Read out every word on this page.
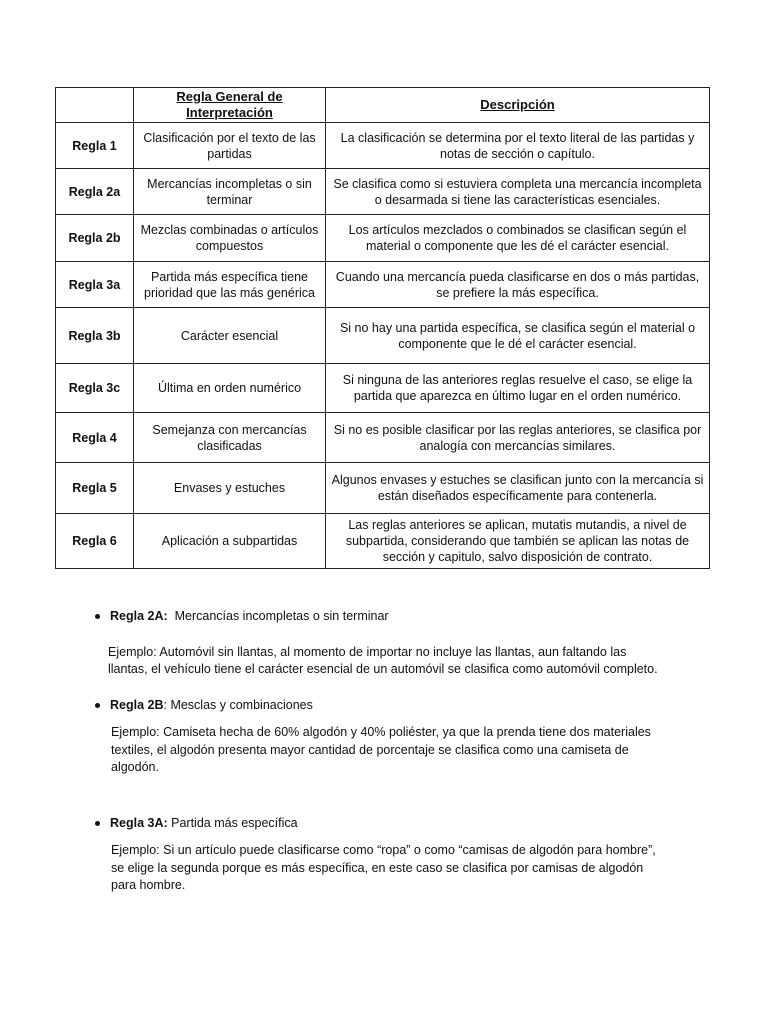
	Regla General de Interpretación	Descripción
Regla 1	Clasificación por el texto de las partidas	La clasificación se determina por el texto literal de las partidas y notas de sección o capítulo.
Regla 2a	Mercancías incompletas o sin terminar	Se clasifica como si estuviera completa una mercancía incompleta o desarmada si tiene las características esenciales.
Regla 2b	Mezclas combinadas o artículos compuestos	Los artículos mezclados o combinados se clasifican según el material o componente que les dé el carácter esencial.
Regla 3a	Partida más específica tiene prioridad que las más genérica	Cuando una mercancía pueda clasificarse en dos o más partidas, se prefiere la más específica.
Regla 3b	Carácter esencial	Si no hay una partida específica, se clasifica según el material o componente que le dé el carácter esencial.
Regla 3c	Última en orden numérico	Si ninguna de las anteriores reglas resuelve el caso, se elige la partida que aparezca en último lugar en el orden numérico.
Regla 4	Semejanza con mercancías clasificadas	Si no es posible clasificar por las reglas anteriores, se clasifica por analogía con mercancías similares.
Regla 5	Envases y estuches	Algunos envases y estuches se clasifican junto con la mercancía si están diseñados específicamente para contenerla.
Regla 6	Aplicación a subpartidas	Las reglas anteriores se aplican, mutatis mutandis, a nivel de subpartida, considerando que también se aplican las notas de sección y capitulo, salvo disposición de contrato.
Regla 2A:  Mercancías incompletas o sin terminar
Ejemplo: Automóvil sin llantas, al momento de importar no incluye las llantas, aun faltando las llantas, el vehículo tiene el carácter esencial de un automóvil se clasifica como automóvil completo.
Regla 2B: Mesclas y combinaciones
Ejemplo: Camiseta hecha de 60% algodón y 40% poliéster, ya que la prenda tiene dos materiales textiles, el algodón presenta mayor cantidad de porcentaje se clasifica como una camiseta de algodón.
Regla 3A: Partida más específica
Ejemplo: Si un artículo puede clasificarse como “ropa” o como “camisas de algodón para hombre”, se elige la segunda porque es más específica, en este caso se clasifica por camisas de algodón para hombre.
